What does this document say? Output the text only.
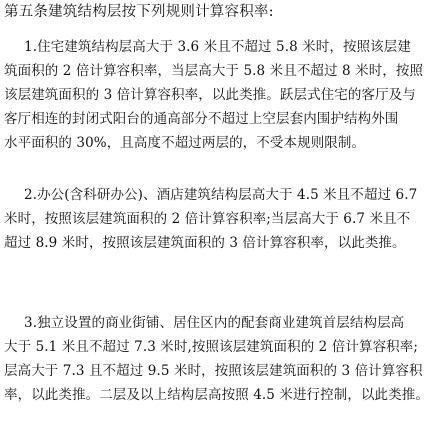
第五条建筑结构层按下列规则计算容积率:
1.住宅建筑结构层高大于 3.6 米且不超过 5.8 米时，按照该层建
筑面积的 2 倍计算容积率，当层高大于 5.8 米且不超过 8 米时，按照
该层建筑面积的 3 倍计算容积率，以此类推。跃层式住宅的客厅及与
客厅相连的封闭式阳台的通高部分不超过上空层套内围护结构外围
水平面积的 30%，且高度不超过两层的，不受本规则限制。
2.办公(含科研办公)、酒店建筑结构层高大于 4.5 米且不超过 6.7
米时，按照该层建筑面积的 2 倍计算容积率;当层高大于 6.7 米且不
超过 8.9 米时，按照该层建筑面积的 3 倍计算容积率，以此类推。
3.独立设置的商业街铺、居住区内的配套商业建筑首层结构层高
大于 5.1 米且不超过 7.3 米时,按照该层建筑面积的 2 倍计算容积率;
层高大于 7.3 且不超过 9.5 米时，按照该层建筑面积的 3 倍计算容积
率，以此类推。二层及以上结构层高按照 4.5 米进行控制，以此类推。
